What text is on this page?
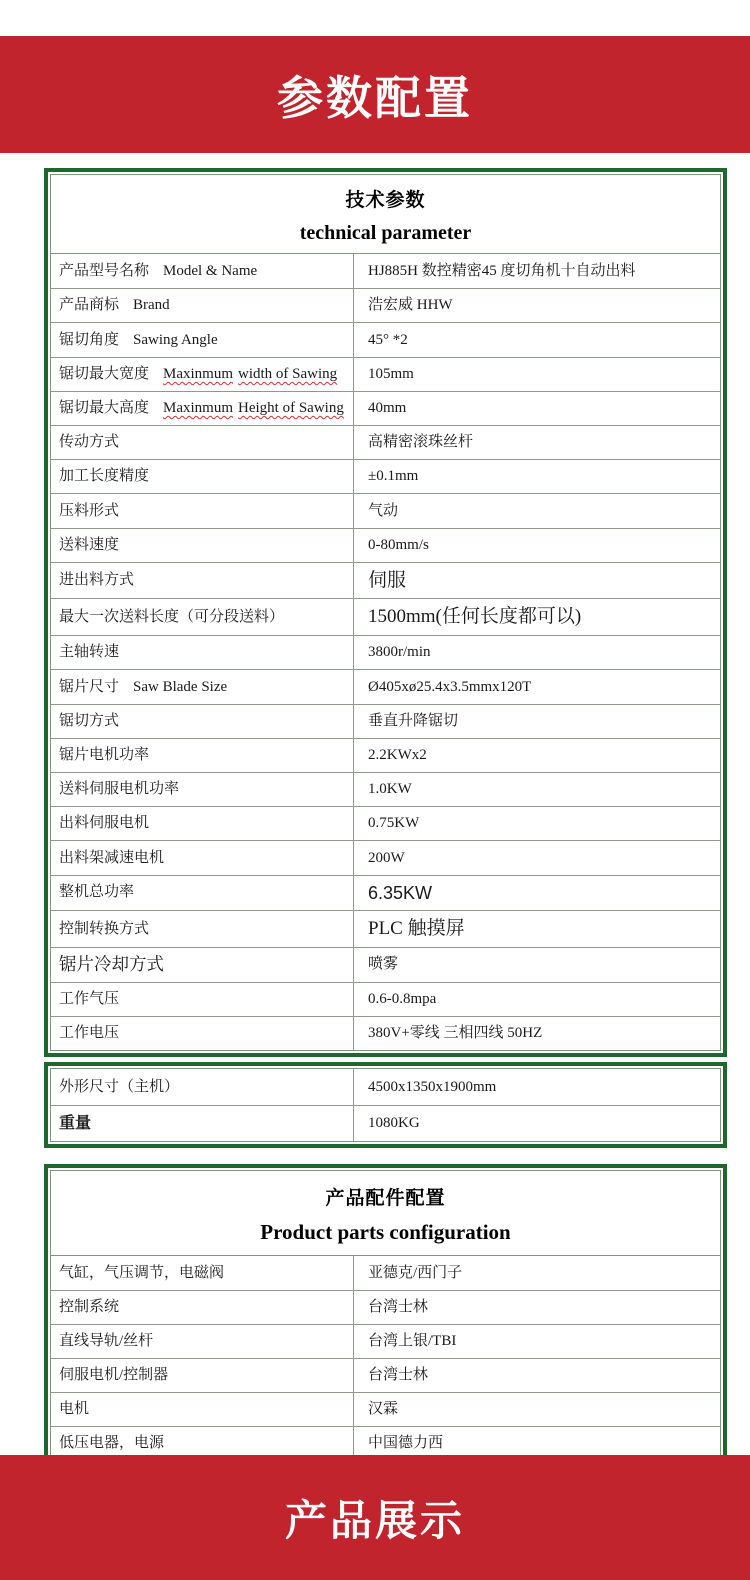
参数配置
技术参数
technical parameter
产品型号名称 Model & Name	HJ885H 数控精密45 度切角机十自动出料
产品商标 Brand	浩宏威 HHW
锯切角度 Sawing Angle	45° *2
锯切最大宽度 Maxinmum width of Sawing	105mm
锯切最大高度 Maxinmum Height of Sawing	40mm
传动方式	高精密滚珠丝杆
加工长度精度	±0.1mm
压料形式	气动
送料速度	0-80mm/s
进出料方式	伺服
最大一次送料长度（可分段送料）	1500mm(任何长度都可以)
主轴转速	3800r/min
锯片尺寸 Saw Blade Size	Ø405xø25.4x3.5mmx120T
锯切方式	垂直升降锯切
锯片电机功率	2.2KWx2
送料伺服电机功率	1.0KW
出料伺服电机	0.75KW
出料架减速电机	200W
整机总功率	6.35KW
控制转换方式	PLC 触摸屏
锯片冷却方式	喷雾
工作气压	0.6-0.8mpa
工作电压	380V+零线 三相四线 50HZ
外形尺寸（主机）	4500x1350x1900mm
重量	1080KG
产品配件配置
Product parts configuration
气缸，气压调节，电磁阀	亚德克/西门子
控制系统	台湾士林
直线导轨/丝杆	台湾上银/TBI
伺服电机/控制器	台湾士林
电机	汉霖
低压电器，电源	中国德力西
产品展示
